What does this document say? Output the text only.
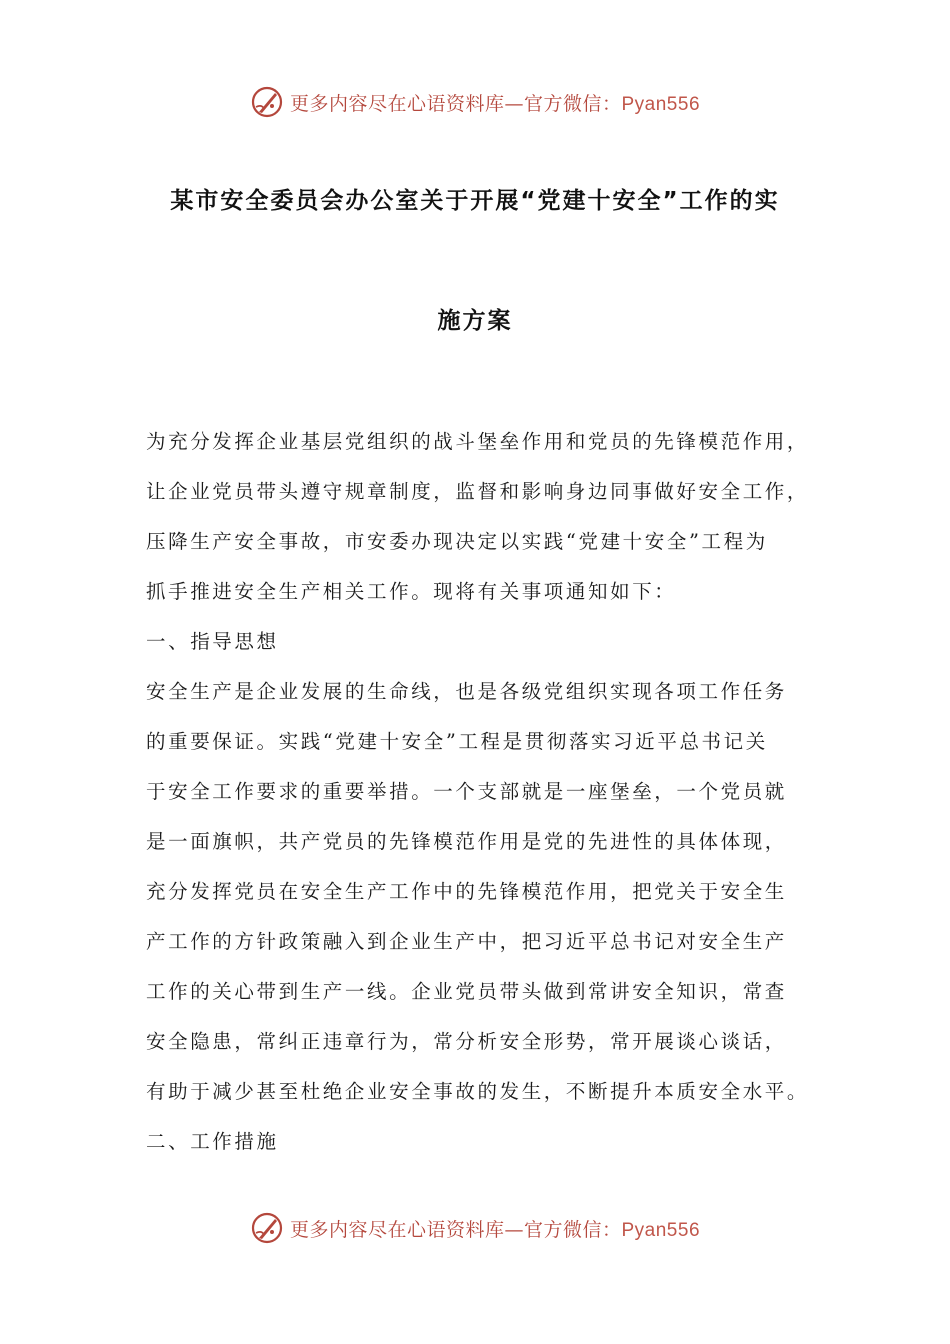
更多内容尽在心语资料库—官方微信：Pyan556
某市安全委员会办公室关于开展“党建十安全”工作的实
施方案
为充分发挥企业基层党组织的战斗堡垒作用和党员的先锋模范作用，
让企业党员带头遵守规章制度，监督和影响身边同事做好安全工作，
压降生产安全事故，市安委办现决定以实践“党建十安全”工程为
抓手推进安全生产相关工作。现将有关事项通知如下：
一、指导思想
安全生产是企业发展的生命线，也是各级党组织实现各项工作任务
的重要保证。实践“党建十安全”工程是贯彻落实习近平总书记关
于安全工作要求的重要举措。一个支部就是一座堡垒，一个党员就
是一面旗帜，共产党员的先锋模范作用是党的先进性的具体体现，
充分发挥党员在安全生产工作中的先锋模范作用，把党关于安全生
产工作的方针政策融入到企业生产中，把习近平总书记对安全生产
工作的关心带到生产一线。企业党员带头做到常讲安全知识，常查
安全隐患，常纠正违章行为，常分析安全形势，常开展谈心谈话，
有助于减少甚至杜绝企业安全事故的发生，不断提升本质安全水平。
二、工作措施
更多内容尽在心语资料库—官方微信：Pyan556
